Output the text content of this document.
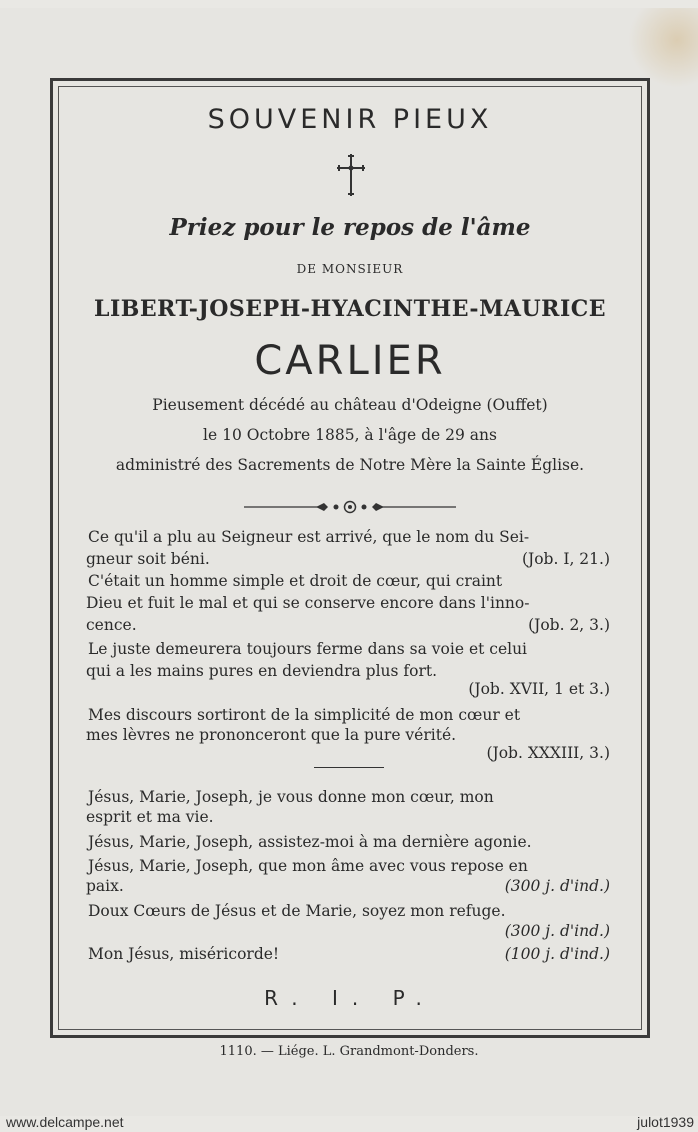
SOUVENIR PIEUX
Priez pour le repos de l'âme
DE MONSIEUR
LIBERT-JOSEPH-HYACINTHE-MAURICE
CARLIER
Pieusement décédé au château d'Odeigne (Ouffet)
le 10 Octobre 1885, à l'âge de 29 ans
administré des Sacrements de Notre Mère la Sainte Église.
Ce qu'il a plu au Seigneur est arrivé, que le nom du Sei-
gneur soit béni.	(Job. I, 21.)
C'était un homme simple et droit de cœur, qui craint
Dieu et fuit le mal et qui se conserve encore dans l'inno-
cence.	(Job. 2, 3.)
Le juste demeurera toujours ferme dans sa voie et celui
qui a les mains pures en deviendra plus fort.
(Job. XVII, 1 et 3.)
Mes discours sortiront de la simplicité de mon cœur et
mes lèvres ne prononceront que la pure vérité.
(Job. XXXIII, 3.)
Jésus, Marie, Joseph, je vous donne mon cœur, mon
esprit et ma vie.
Jésus, Marie, Joseph, assistez-moi à ma dernière agonie.
Jésus, Marie, Joseph, que mon âme avec vous repose en
paix.	(300 j. d'ind.)
Doux Cœurs de Jésus et de Marie, soyez mon refuge.
(300 j. d'ind.)
Mon Jésus, miséricorde!	(100 j. d'ind.)
R. I. P.
1110. — Liége. L. Grandmont-Donders.
www.delcampe.net	julot1939
